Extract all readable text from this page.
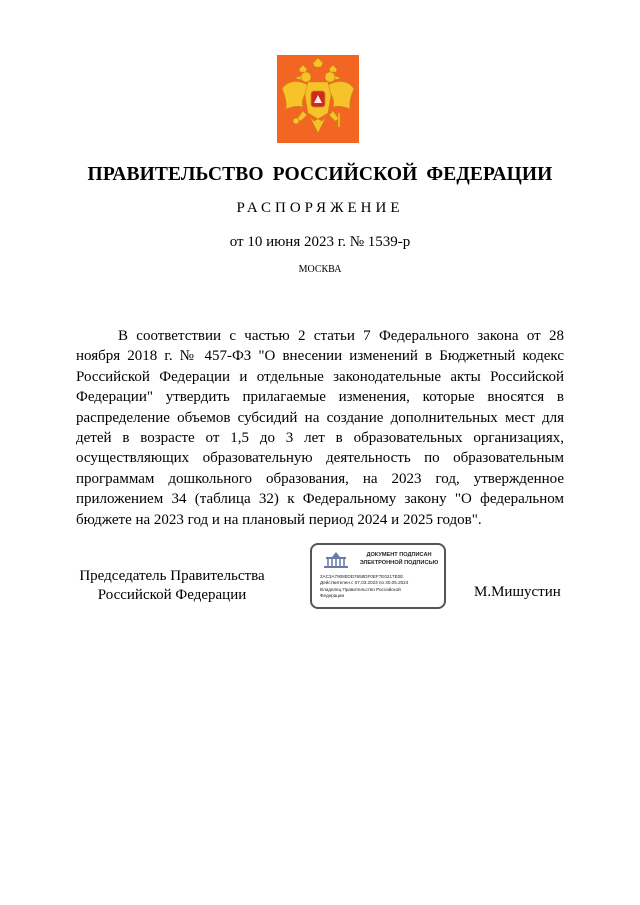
ПРАВИТЕЛЬСТВО РОССИЙСКОЙ ФЕДЕРАЦИИ
РАСПОРЯЖЕНИЕ
от 10 июня 2023 г. № 1539-р
МОСКВА

В соответствии с частью 2 статьи 7 Федерального закона от 28 ноября 2018 г. № 457-ФЗ "О внесении изменений в Бюджетный кодекс Российской Федерации и отдельные законодательные акты Российской Федерации" утвердить прилагаемые изменения, которые вносятся в распределение объемов субсидий на создание дополнительных мест для детей в возрасте от 1,5 до 3 лет в образовательных организациях, осуществляющих образовательную деятельность по образовательным программам дошкольного образования, на 2023 год, утвержденное приложением 34 (таблица 32) к Федеральному закону "О федеральном бюджете на 2023 год и на плановый период 2024 и 2025 годов".

Председатель Правительства
Российской Федерации
ДОКУМЕНТ ПОДПИСАН
ЭЛЕКТРОННОЙ ПОДПИСЬЮ
2AC3A79080DD7658DF0EF7E0217E0E
Действителен с 07.03.2023 по 30.05.2024
Владелец Правительство Российской
Федерации	М.Мишустин
